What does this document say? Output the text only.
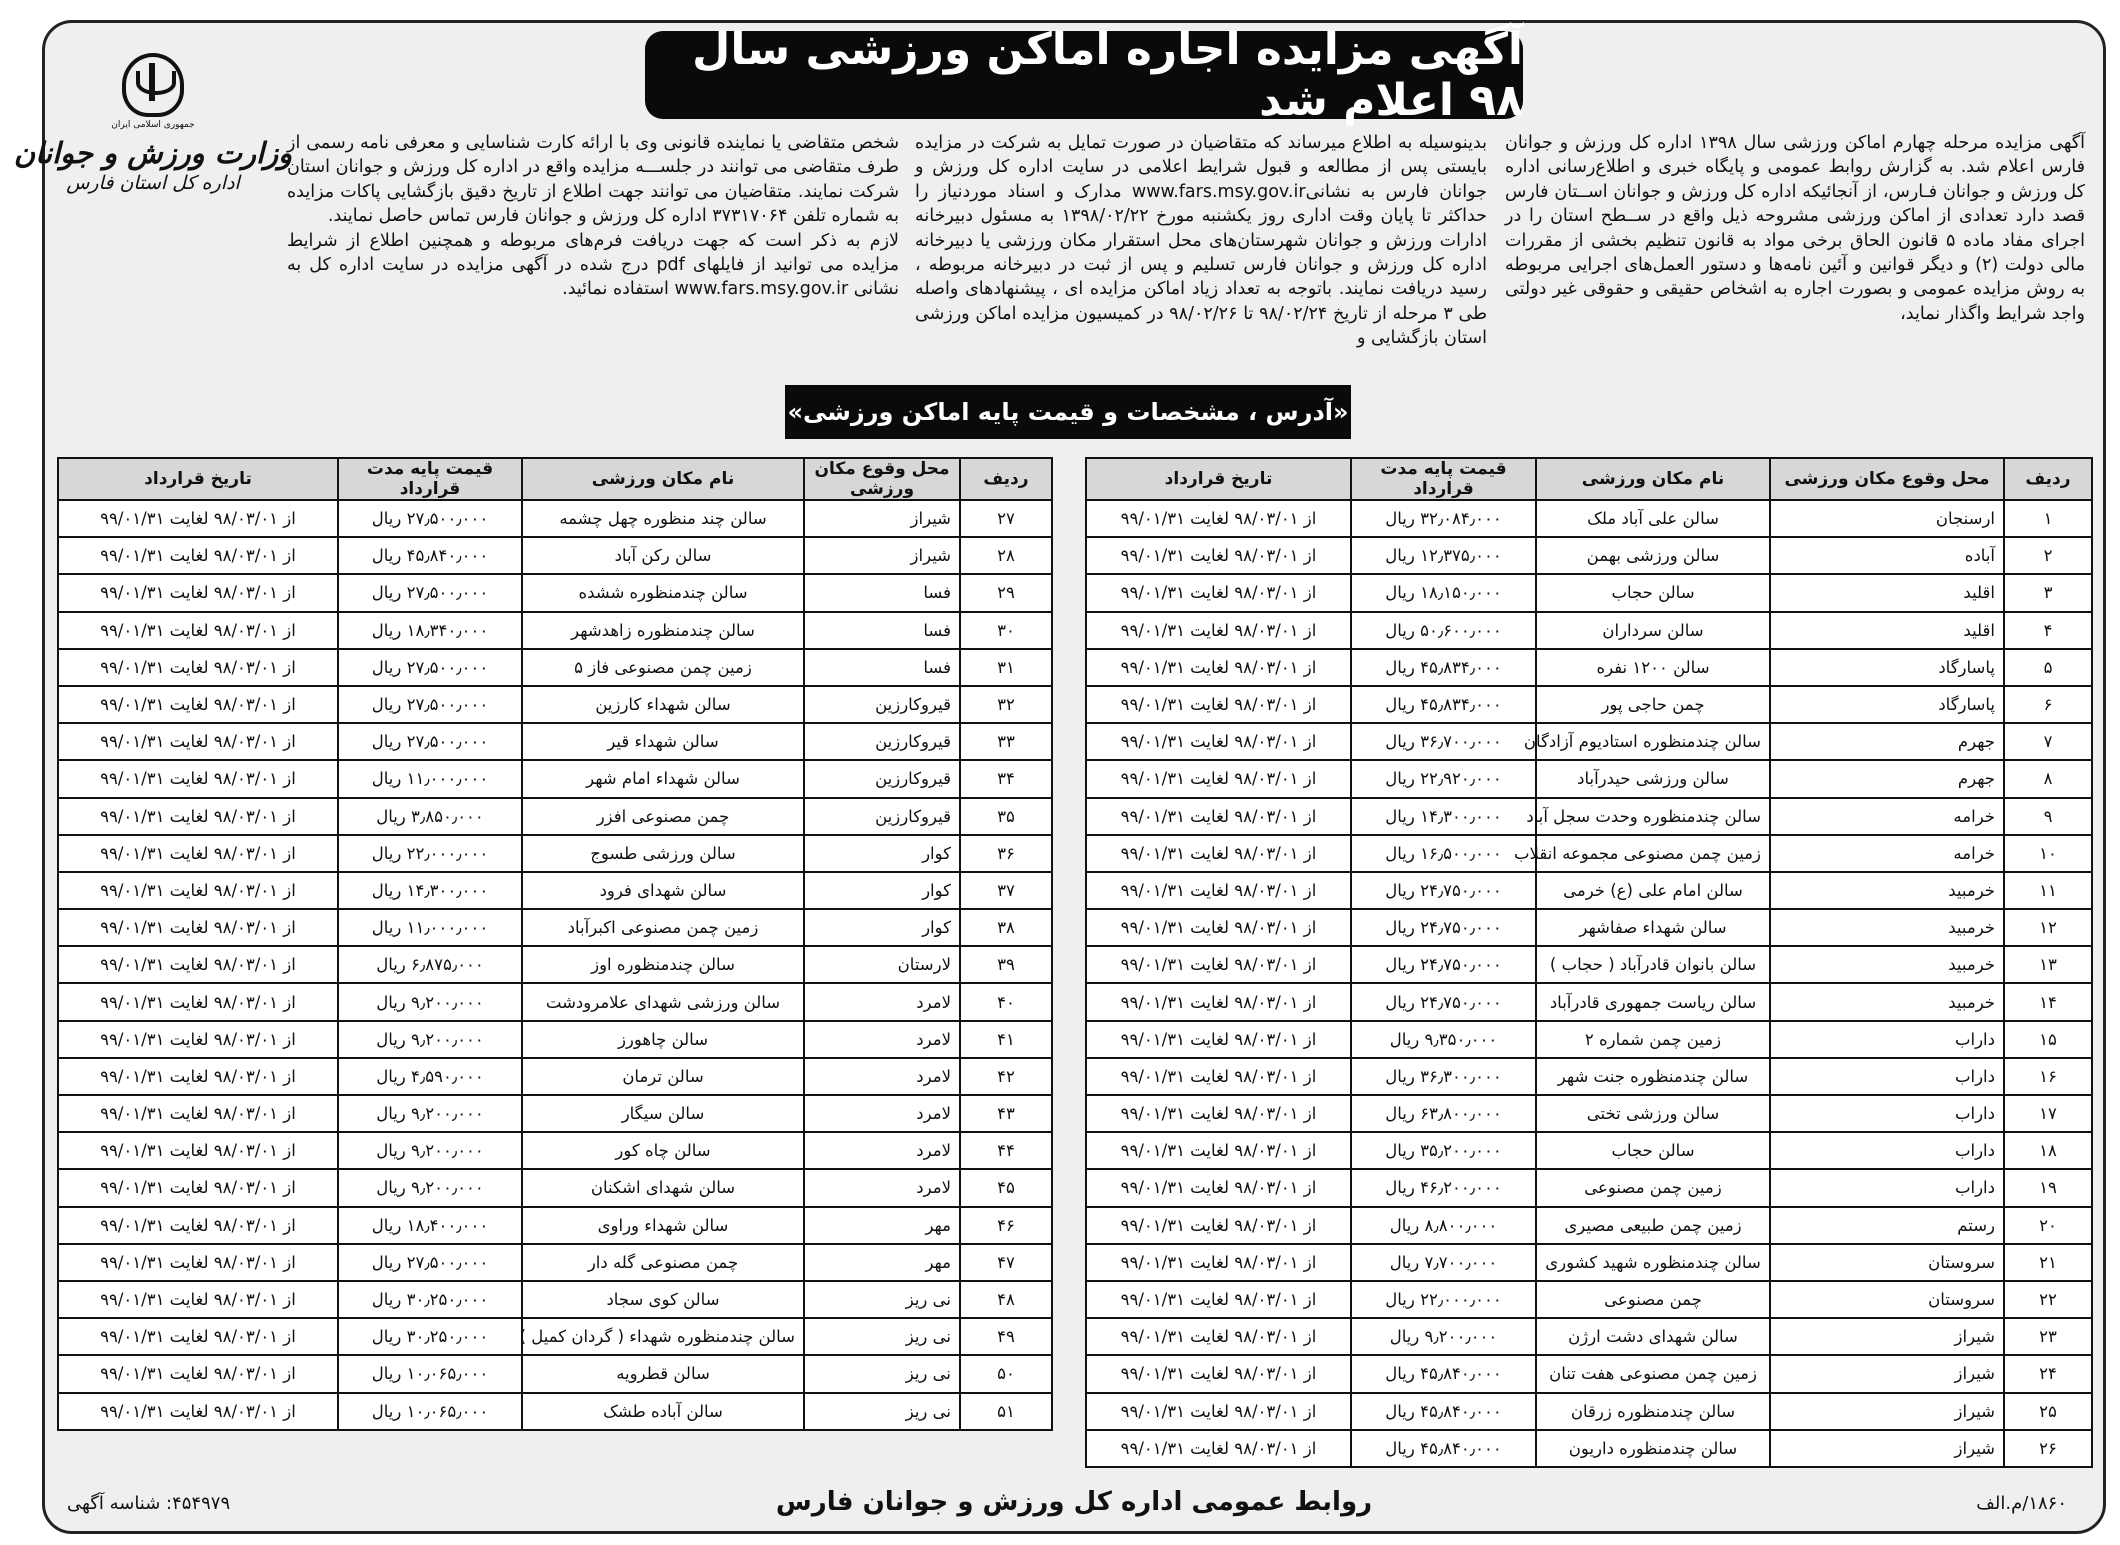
آگهی مزایده اجاره اماکن ورزشی سال ۹۸ اعلام شد
جمهوری اسلامی ایران
وزارت ورزش و جوانان
اداره کل استان فارس

آگهی مزایده مرحله چهارم اماکن ورزشی سال ۱۳۹۸ اداره کل ورزش و جوانان فارس اعلام شد. به گزارش روابط عمومی و پایگاه خبری و اطلاع‌رسانی اداره کل ورزش و جوانان فـارس، از آنجائیکه اداره کل ورزش و جوانان اســتان فارس قصد دارد تعدادی از اماکن ورزشی مشروحه ذیل واقع در ســطح استان را در اجرای مفاد ماده ۵ قانون الحاق برخی مواد به قانون تنظیم بخشی از مقررات مالی دولت (۲) و دیگر قوانین و آئین نامه‌ها و دستور العمل‌های اجرایی مربوطه به روش مزایده عمومی و بصورت اجاره به اشخاص حقیقی و حقوقی غیر دولتی واجد شرایط واگذار نماید،

بدینوسیله به اطلاع میرساند که متقاضیان در صورت تمایل به شرکت در مزایده بایستی پس از مطالعه و قبول شرایط اعلامی در سایت اداره کل ورزش و جوانان فارس به نشانیwww.fars.msy.gov.ir مدارک و اسناد موردنیاز را حداکثر تا پایان وقت اداری روز یکشنبه مورخ ۱۳۹۸/۰۲/۲۲ به مسئول دبیرخانه ادارات ورزش و جوانان شهرستان‌های محل استقرار مکان ورزشی یا دبیرخانه اداره کل ورزش و جوانان فارس تسلیم و پس از ثبت در دبیرخانه مربوطه ، رسید دریافت نمایند. باتوجه به تعداد زیاد اماکن مزایده ای ، پیشنهادهای واصله طی ۳ مرحله از تاریخ ۹۸/۰۲/۲۴ تا ۹۸/۰۲/۲۶ در کمیسیون مزایده اماکن ورزشی استان بازگشایی و

شخص متقاضی یا نماینده قانونی وی با ارائه کارت شناسایی و معرفی نامه رسمی از طرف متقاضی می توانند در جلســـه مزایده واقع در اداره کل ورزش و جوانان استان شرکت نمایند. متقاضیان می توانند جهت اطلاع از تاریخ دقیق بازگشایی پاکات مزایده به شماره تلفن ۳۷۳۱۷۰۶۴ اداره کل ورزش و جوانان فارس تماس حاصل نمایند.

لازم به ذکر است که جهت دریافت فرم‌های مربوطه و همچنین اطلاع از شرایط مزایده می توانید از فایلهای pdf درج شده در آگهی مزایده در سایت اداره کل به نشانی www.fars.msy.gov.ir استفاده نمائید.

«آدرس ، مشخصات و قیمت پایه اماکن ورزشی»
ردیف	محل وقوع مکان ورزشی	نام مکان ورزشی	قیمت پایه مدت قرارداد	تاریخ قرارداد
۱	ارسنجان	سالن علی آباد ملک	۳۲٫۰۸۴٫۰۰۰ ریال	از ۹۸/۰۳/۰۱ لغایت ۹۹/۰۱/۳۱
۲	آباده	سالن ورزشی بهمن	۱۲٫۳۷۵٫۰۰۰ ریال	از ۹۸/۰۳/۰۱ لغایت ۹۹/۰۱/۳۱
۳	اقلید	سالن حجاب	۱۸٫۱۵۰٫۰۰۰ ریال	از ۹۸/۰۳/۰۱ لغایت ۹۹/۰۱/۳۱
۴	اقلید	سالن سرداران	۵۰٫۶۰۰٫۰۰۰ ریال	از ۹۸/۰۳/۰۱ لغایت ۹۹/۰۱/۳۱
۵	پاسارگاد	سالن ۱۲۰۰ نفره	۴۵٫۸۳۴٫۰۰۰ ریال	از ۹۸/۰۳/۰۱ لغایت ۹۹/۰۱/۳۱
۶	پاسارگاد	چمن حاجی پور	۴۵٫۸۳۴٫۰۰۰ ریال	از ۹۸/۰۳/۰۱ لغایت ۹۹/۰۱/۳۱
۷	جهرم	سالن چندمنظوره استادیوم آزادگان	۳۶٫۷۰۰٫۰۰۰ ریال	از ۹۸/۰۳/۰۱ لغایت ۹۹/۰۱/۳۱
۸	جهرم	سالن ورزشی حیدرآباد	۲۲٫۹۲۰٫۰۰۰ ریال	از ۹۸/۰۳/۰۱ لغایت ۹۹/۰۱/۳۱
۹	خرامه	سالن چندمنظوره وحدت سجل آباد	۱۴٫۳۰۰٫۰۰۰ ریال	از ۹۸/۰۳/۰۱ لغایت ۹۹/۰۱/۳۱
۱۰	خرامه	زمین چمن مصنوعی مجموعه انقلاب	۱۶٫۵۰۰٫۰۰۰ ریال	از ۹۸/۰۳/۰۱ لغایت ۹۹/۰۱/۳۱
۱۱	خرمبید	سالن امام علی (ع) خرمی	۲۴٫۷۵۰٫۰۰۰ ریال	از ۹۸/۰۳/۰۱ لغایت ۹۹/۰۱/۳۱
۱۲	خرمبید	سالن شهداء صفاشهر	۲۴٫۷۵۰٫۰۰۰ ریال	از ۹۸/۰۳/۰۱ لغایت ۹۹/۰۱/۳۱
۱۳	خرمبید	سالن بانوان قادرآباد ( حجاب )	۲۴٫۷۵۰٫۰۰۰ ریال	از ۹۸/۰۳/۰۱ لغایت ۹۹/۰۱/۳۱
۱۴	خرمبید	سالن ریاست جمهوری قادرآباد	۲۴٫۷۵۰٫۰۰۰ ریال	از ۹۸/۰۳/۰۱ لغایت ۹۹/۰۱/۳۱
۱۵	داراب	زمین چمن شماره ۲	۹٫۳۵۰٫۰۰۰ ریال	از ۹۸/۰۳/۰۱ لغایت ۹۹/۰۱/۳۱
۱۶	داراب	سالن چندمنظوره جنت شهر	۳۶٫۳۰۰٫۰۰۰ ریال	از ۹۸/۰۳/۰۱ لغایت ۹۹/۰۱/۳۱
۱۷	داراب	سالن ورزشی تختی	۶۳٫۸۰۰٫۰۰۰ ریال	از ۹۸/۰۳/۰۱ لغایت ۹۹/۰۱/۳۱
۱۸	داراب	سالن حجاب	۳۵٫۲۰۰٫۰۰۰ ریال	از ۹۸/۰۳/۰۱ لغایت ۹۹/۰۱/۳۱
۱۹	داراب	زمین چمن مصنوعی	۴۶٫۲۰۰٫۰۰۰ ریال	از ۹۸/۰۳/۰۱ لغایت ۹۹/۰۱/۳۱
۲۰	رستم	زمین چمن طبیعی مصیری	۸٫۸۰۰٫۰۰۰ ریال	از ۹۸/۰۳/۰۱ لغایت ۹۹/۰۱/۳۱
۲۱	سروستان	سالن چندمنظوره شهید کشوری	۷٫۷۰۰٫۰۰۰ ریال	از ۹۸/۰۳/۰۱ لغایت ۹۹/۰۱/۳۱
۲۲	سروستان	چمن مصنوعی	۲۲٫۰۰۰٫۰۰۰ ریال	از ۹۸/۰۳/۰۱ لغایت ۹۹/۰۱/۳۱
۲۳	شیراز	سالن شهدای دشت ارژن	۹٫۲۰۰٫۰۰۰ ریال	از ۹۸/۰۳/۰۱ لغایت ۹۹/۰۱/۳۱
۲۴	شیراز	زمین چمن مصنوعی هفت تنان	۴۵٫۸۴۰٫۰۰۰ ریال	از ۹۸/۰۳/۰۱ لغایت ۹۹/۰۱/۳۱
۲۵	شیراز	سالن چندمنظوره زرقان	۴۵٫۸۴۰٫۰۰۰ ریال	از ۹۸/۰۳/۰۱ لغایت ۹۹/۰۱/۳۱
۲۶	شیراز	سالن چندمنظوره داریون	۴۵٫۸۴۰٫۰۰۰ ریال	از ۹۸/۰۳/۰۱ لغایت ۹۹/۰۱/۳۱
ردیف	محل وقوع مکان ورزشی	نام مکان ورزشی	قیمت پایه مدت قرارداد	تاریخ قرارداد
۲۷	شیراز	سالن چند منظوره چهل چشمه	۲۷٫۵۰۰٫۰۰۰ ریال	از ۹۸/۰۳/۰۱ لغایت ۹۹/۰۱/۳۱
۲۸	شیراز	سالن رکن آباد	۴۵٫۸۴۰٫۰۰۰ ریال	از ۹۸/۰۳/۰۱ لغایت ۹۹/۰۱/۳۱
۲۹	فسا	سالن چندمنظوره ششده	۲۷٫۵۰۰٫۰۰۰ ریال	از ۹۸/۰۳/۰۱ لغایت ۹۹/۰۱/۳۱
۳۰	فسا	سالن چندمنظوره زاهدشهر	۱۸٫۳۴۰٫۰۰۰ ریال	از ۹۸/۰۳/۰۱ لغایت ۹۹/۰۱/۳۱
۳۱	فسا	زمین چمن مصنوعی فاز ۵	۲۷٫۵۰۰٫۰۰۰ ریال	از ۹۸/۰۳/۰۱ لغایت ۹۹/۰۱/۳۱
۳۲	قیروکارزین	سالن شهداء کارزین	۲۷٫۵۰۰٫۰۰۰ ریال	از ۹۸/۰۳/۰۱ لغایت ۹۹/۰۱/۳۱
۳۳	قیروکارزین	سالن شهداء قیر	۲۷٫۵۰۰٫۰۰۰ ریال	از ۹۸/۰۳/۰۱ لغایت ۹۹/۰۱/۳۱
۳۴	قیروکارزین	سالن شهداء امام شهر	۱۱٫۰۰۰٫۰۰۰ ریال	از ۹۸/۰۳/۰۱ لغایت ۹۹/۰۱/۳۱
۳۵	قیروکارزین	چمن مصنوعی افزر	۳٫۸۵۰٫۰۰۰ ریال	از ۹۸/۰۳/۰۱ لغایت ۹۹/۰۱/۳۱
۳۶	کوار	سالن ورزشی طسوج	۲۲٫۰۰۰٫۰۰۰ ریال	از ۹۸/۰۳/۰۱ لغایت ۹۹/۰۱/۳۱
۳۷	کوار	سالن شهدای فرود	۱۴٫۳۰۰٫۰۰۰ ریال	از ۹۸/۰۳/۰۱ لغایت ۹۹/۰۱/۳۱
۳۸	کوار	زمین چمن مصنوعی اکبرآباد	۱۱٫۰۰۰٫۰۰۰ ریال	از ۹۸/۰۳/۰۱ لغایت ۹۹/۰۱/۳۱
۳۹	لارستان	سالن چندمنظوره اوز	۶٫۸۷۵٫۰۰۰ ریال	از ۹۸/۰۳/۰۱ لغایت ۹۹/۰۱/۳۱
۴۰	لامرد	سالن ورزشی شهدای علامرودشت	۹٫۲۰۰٫۰۰۰ ریال	از ۹۸/۰۳/۰۱ لغایت ۹۹/۰۱/۳۱
۴۱	لامرد	سالن چاهورز	۹٫۲۰۰٫۰۰۰ ریال	از ۹۸/۰۳/۰۱ لغایت ۹۹/۰۱/۳۱
۴۲	لامرد	سالن ترمان	۴٫۵۹۰٫۰۰۰ ریال	از ۹۸/۰۳/۰۱ لغایت ۹۹/۰۱/۳۱
۴۳	لامرد	سالن سیگار	۹٫۲۰۰٫۰۰۰ ریال	از ۹۸/۰۳/۰۱ لغایت ۹۹/۰۱/۳۱
۴۴	لامرد	سالن چاه کور	۹٫۲۰۰٫۰۰۰ ریال	از ۹۸/۰۳/۰۱ لغایت ۹۹/۰۱/۳۱
۴۵	لامرد	سالن شهدای اشکنان	۹٫۲۰۰٫۰۰۰ ریال	از ۹۸/۰۳/۰۱ لغایت ۹۹/۰۱/۳۱
۴۶	مهر	سالن شهداء وراوی	۱۸٫۴۰۰٫۰۰۰ ریال	از ۹۸/۰۳/۰۱ لغایت ۹۹/۰۱/۳۱
۴۷	مهر	چمن مصنوعی گله دار	۲۷٫۵۰۰٫۰۰۰ ریال	از ۹۸/۰۳/۰۱ لغایت ۹۹/۰۱/۳۱
۴۸	نی ریز	سالن کوی سجاد	۳۰٫۲۵۰٫۰۰۰ ریال	از ۹۸/۰۳/۰۱ لغایت ۹۹/۰۱/۳۱
۴۹	نی ریز	سالن چندمنظوره شهداء ( گردان کمیل )	۳۰٫۲۵۰٫۰۰۰ ریال	از ۹۸/۰۳/۰۱ لغایت ۹۹/۰۱/۳۱
۵۰	نی ریز	سالن قطرویه	۱۰٫۰۶۵٫۰۰۰ ریال	از ۹۸/۰۳/۰۱ لغایت ۹۹/۰۱/۳۱
۵۱	نی ریز	سالن آباده طشک	۱۰٫۰۶۵٫۰۰۰ ریال	از ۹۸/۰۳/۰۱ لغایت ۹۹/۰۱/۳۱
۱۸۶۰/م.الف
روابط عمومی اداره کل ورزش و جوانان فارس
۴۵۴۹۷۹: شناسه آگهی
